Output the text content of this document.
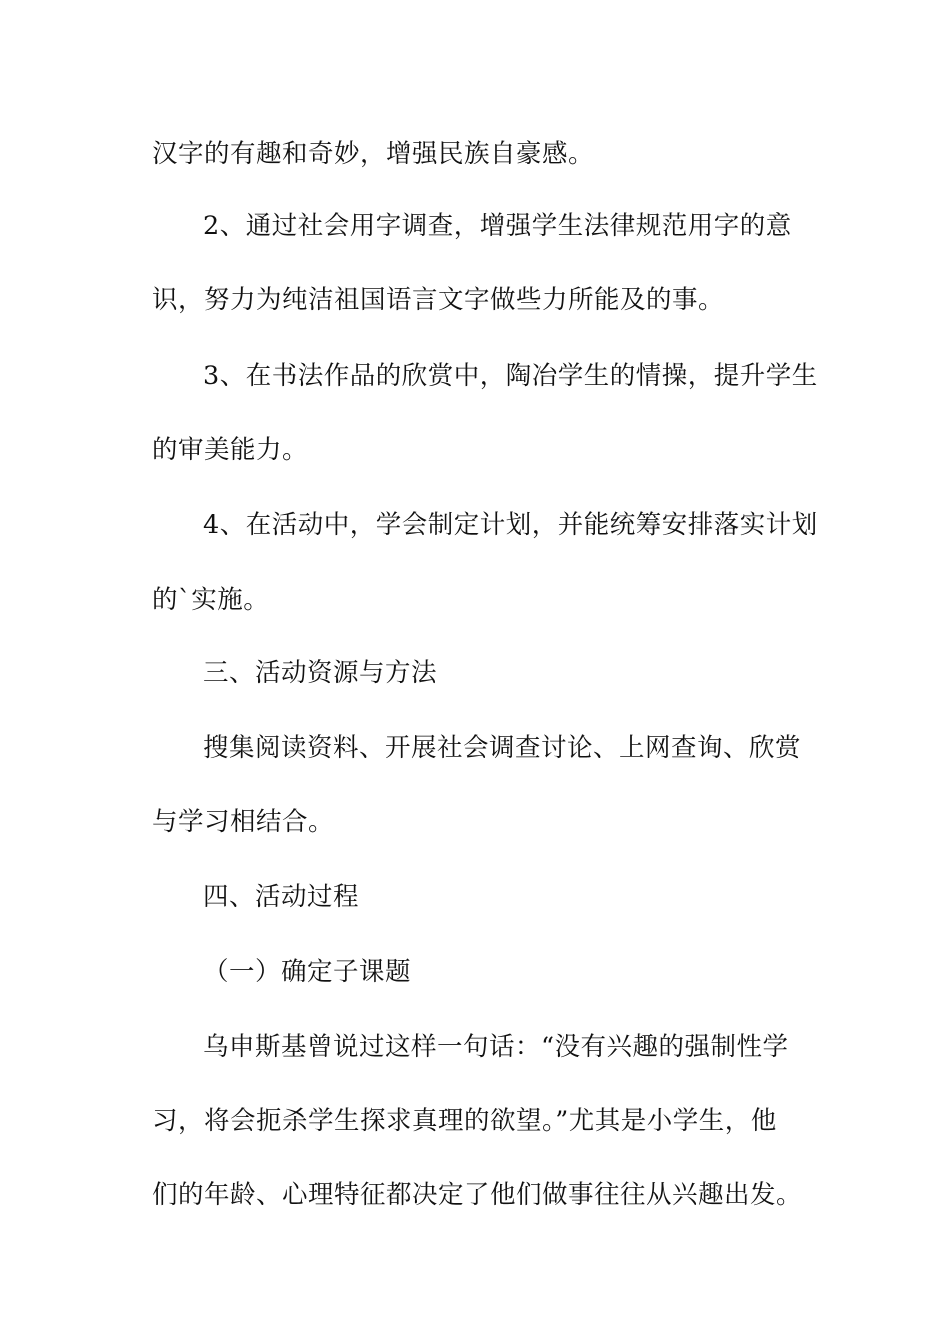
汉字的有趣和奇妙，增强民族自豪感。
2、通过社会用字调查，增强学生法律规范用字的意
识，努力为纯洁祖国语言文字做些力所能及的事。
3、在书法作品的欣赏中，陶冶学生的情操，提升学生
的审美能力。
4、在活动中，学会制定计划，并能统筹安排落实计划
的`实施。
三、活动资源与方法
搜集阅读资料、开展社会调查讨论、上网查询、欣赏
与学习相结合。
四、活动过程
（一）确定子课题
乌申斯基曾说过这样一句话：“没有兴趣的强制性学
习，将会扼杀学生探求真理的欲望。”尤其是小学生，他
们的年龄、心理特征都决定了他们做事往往从兴趣出发。
